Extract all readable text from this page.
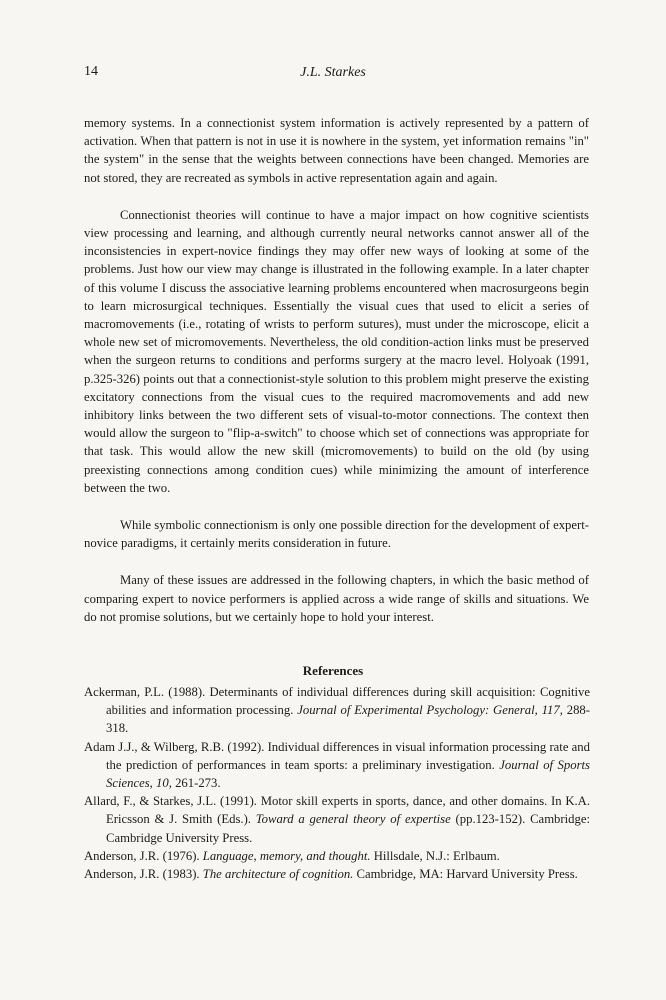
14	J.L. Starkes

memory systems. In a connectionist system information is actively represented by a pattern of activation. When that pattern is not in use it is nowhere in the system, yet information remains "in" the system" in the sense that the weights between connections have been changed. Memories are not stored, they are recreated as symbols in active representation again and again.

Connectionist theories will continue to have a major impact on how cognitive scientists view processing and learning, and although currently neural networks cannot answer all of the inconsistencies in expert-novice findings they may offer new ways of looking at some of the problems. Just how our view may change is illustrated in the following example. In a later chapter of this volume I discuss the associative learning problems encountered when macrosurgeons begin to learn microsurgical techniques. Essentially the visual cues that used to elicit a series of macromovements (i.e., rotating of wrists to perform sutures), must under the microscope, elicit a whole new set of micromovements. Nevertheless, the old condition-action links must be preserved when the surgeon returns to conditions and performs surgery at the macro level. Holyoak (1991, p.325-326) points out that a connectionist-style solution to this problem might preserve the existing excitatory connections from the visual cues to the required macromovements and add new inhibitory links between the two different sets of visual-to-motor connections. The context then would allow the surgeon to "flip-a-switch" to choose which set of connections was appropriate for that task. This would allow the new skill (micromovements) to build on the old (by using preexisting connections among condition cues) while minimizing the amount of interference between the two.

While symbolic connectionism is only one possible direction for the development of expert-novice paradigms, it certainly merits consideration in future.

Many of these issues are addressed in the following chapters, in which the basic method of comparing expert to novice performers is applied across a wide range of skills and situations. We do not promise solutions, but we certainly hope to hold your interest.

References
Ackerman, P.L. (1988). Determinants of individual differences during skill acquisition: Cognitive abilities and information processing. Journal of Experimental Psychology: General, 117, 288-318.
Adam J.J., & Wilberg, R.B. (1992). Individual differences in visual information processing rate and the prediction of performances in team sports: a preliminary investigation. Journal of Sports Sciences, 10, 261-273.
Allard, F., & Starkes, J.L. (1991). Motor skill experts in sports, dance, and other domains. In K.A. Ericsson & J. Smith (Eds.). Toward a general theory of expertise (pp.123-152). Cambridge: Cambridge University Press.
Anderson, J.R. (1976). Language, memory, and thought. Hillsdale, N.J.: Erlbaum.
Anderson, J.R. (1983). The architecture of cognition. Cambridge, MA: Harvard University Press.
